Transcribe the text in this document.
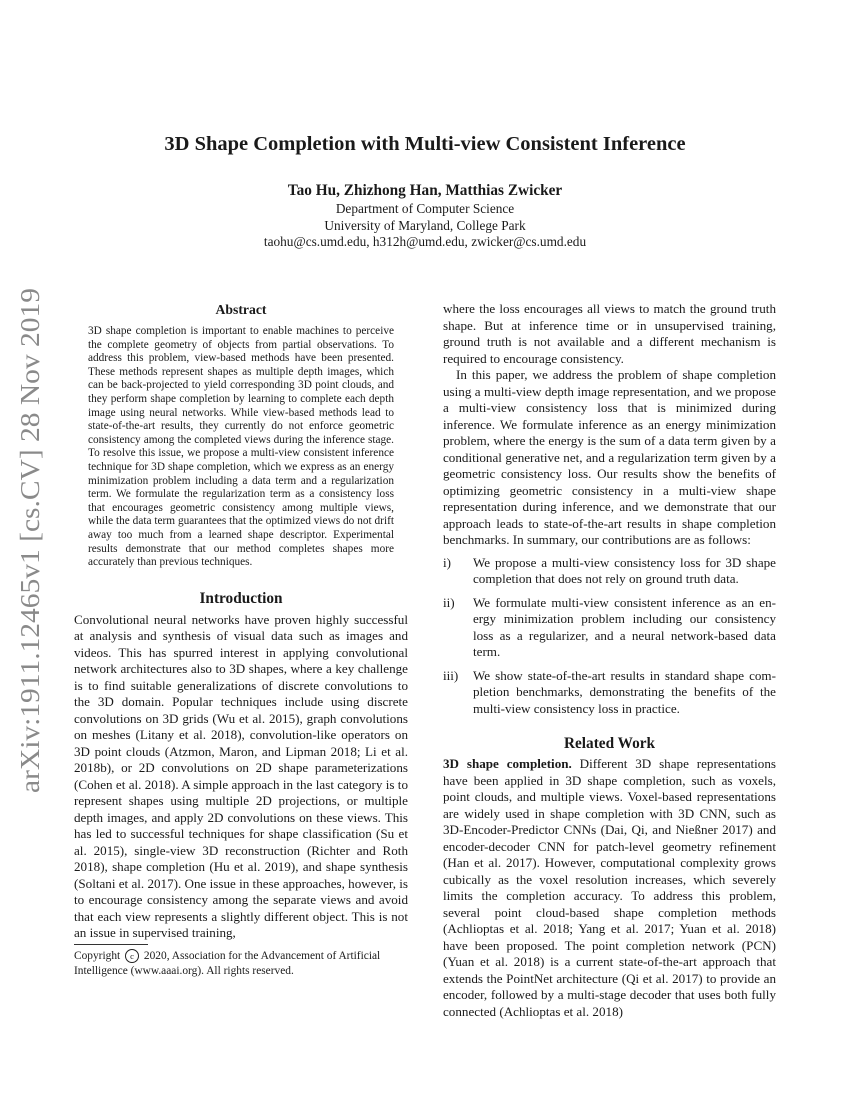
arXiv:1911.12465v1 [cs.CV] 28 Nov 2019
3D Shape Completion with Multi-view Consistent Inference
Tao Hu, Zhizhong Han, Matthias Zwicker
Department of Computer Science
University of Maryland, College Park
taohu@cs.umd.edu, h312h@umd.edu, zwicker@cs.umd.edu
Abstract

3D shape completion is important to enable machines to perceive the complete geometry of objects from partial observations. To address this problem, view-based methods have been presented. These methods represent shapes as multiple depth images, which can be back-projected to yield corresponding 3D point clouds, and they perform shape completion by learning to complete each depth image using neural networks. While view-based methods lead to state-of-the-art results, they currently do not enforce geometric consistency among the completed views during the inference stage. To resolve this issue, we propose a multi-view consistent inference technique for 3D shape completion, which we express as an energy minimization problem including a data term and a regularization term. We formulate the regularization term as a consistency loss that encourages geometric consistency among multiple views, while the data term guarantees that the optimized views do not drift away too much from a learned shape descriptor. Experimental results demonstrate that our method completes shapes more accurately than previous techniques.

Introduction

Convolutional neural networks have proven highly successful at analysis and synthesis of visual data such as images and videos. This has spurred interest in applying convolutional network architectures also to 3D shapes, where a key challenge is to find suitable generalizations of discrete convolutions to the 3D domain. Popular techniques include using discrete convolutions on 3D grids (Wu et al. 2015), graph convolutions on meshes (Litany et al. 2018), convolution-like operators on 3D point clouds (Atzmon, Maron, and Lipman 2018; Li et al. 2018b), or 2D convolutions on 2D shape parameterizations (Cohen et al. 2018). A simple approach in the last category is to represent shapes using multiple 2D projections, or multiple depth images, and apply 2D convolutions on these views. This has led to successful techniques for shape classification (Su et al. 2015), single-view 3D reconstruction (Richter and Roth 2018), shape completion (Hu et al. 2019), and shape synthesis (Soltani et al. 2017). One issue in these approaches, however, is to encourage consistency among the separate views and avoid that each view represents a slightly different object. This is not an issue in supervised training,

where the loss encourages all views to match the ground truth shape. But at inference time or in unsupervised training, ground truth is not available and a different mechanism is required to encourage consistency.

In this paper, we address the problem of shape completion using a multi-view depth image representation, and we propose a multi-view consistency loss that is minimized during inference. We formulate inference as an energy minimization problem, where the energy is the sum of a data term given by a conditional generative net, and a regularization term given by a geometric consistency loss. Our results show the benefits of optimizing geometric consistency in a multi-view shape representation during inference, and we demonstrate that our approach leads to state-of-the-art results in shape completion benchmarks. In summary, our contributions are as follows:

i)	We propose a multi-view consistency loss for 3D shape completion that does not rely on ground truth data.
ii)	We formulate multi-view consistent inference as an energy minimization problem including our consistency loss as a regularizer, and a neural network-based data term.
iii)	We show state-of-the-art results in standard shape completion benchmarks, demonstrating the benefits of the multi-view consistency loss in practice.
Related Work

3D shape completion. Different 3D shape representations have been applied in 3D shape completion, such as voxels, point clouds, and multiple views. Voxel-based representations are widely used in shape completion with 3D CNN, such as 3D-Encoder-Predictor CNNs (Dai, Qi, and Nießner 2017) and encoder-decoder CNN for patch-level geometry refinement (Han et al. 2017). However, computational complexity grows cubically as the voxel resolution increases, which severely limits the completion accuracy. To address this problem, several point cloud-based shape completion methods (Achlioptas et al. 2018; Yang et al. 2017; Yuan et al. 2018) have been proposed. The point completion network (PCN) (Yuan et al. 2018) is a current state-of-the-art approach that extends the PointNet architecture (Qi et al. 2017) to provide an encoder, followed by a multi-stage decoder that uses both fully connected (Achlioptas et al. 2018)

Copyright c 2020, Association for the Advancement of Artificial Intelligence (www.aaai.org). All rights reserved.
